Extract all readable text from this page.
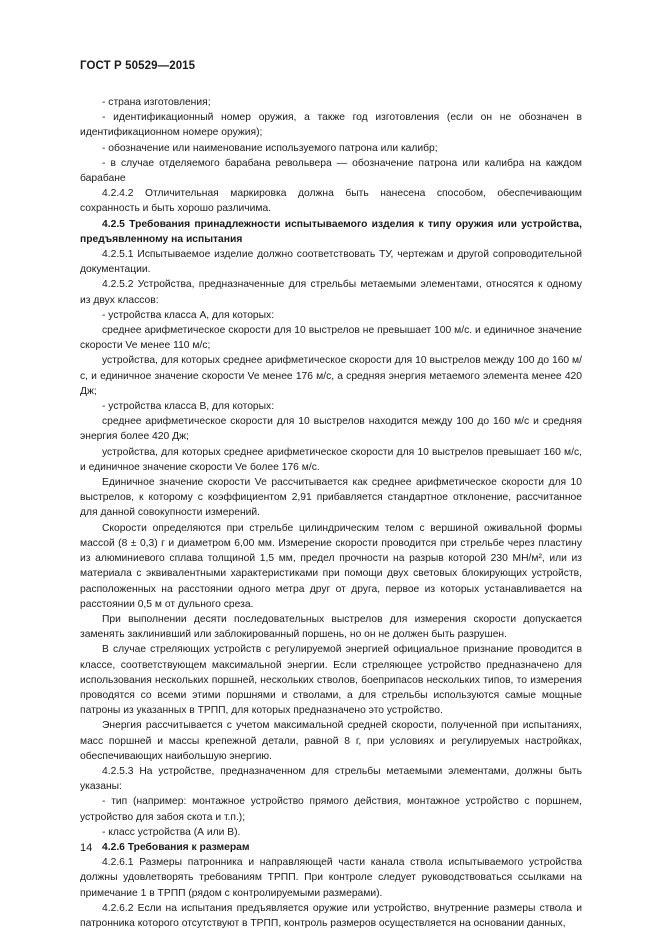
ГОСТ Р 50529—2015

- страна изготовления;

- идентификационный номер оружия, а также год изготовления (если он не обозначен в идентификационном номере оружия);

- обозначение или наименование используемого патрона или калибр;

- в случае отделяемого барабана револьвера — обозначение патрона или калибра на каждом барабане

4.2.4.2 Отличительная маркировка должна быть нанесена способом, обеспечивающим сохранность и быть хорошо различима.

4.2.5 Требования принадлежности испытываемого изделия к типу оружия или устройства, предъявленному на испытания

4.2.5.1 Испытываемое изделие должно соответствовать ТУ, чертежам и другой сопроводительной документации.

4.2.5.2 Устройства, предназначенные для стрельбы метаемыми элементами, относятся к одному из двух классов:

- устройства класса А, для которых:

среднее арифметическое скорости для 10 выстрелов не превышает 100 м/с. и единичное значение скорости Ve менее 110 м/с;

устройства, для которых среднее арифметическое скорости для 10 выстрелов между 100 до 160 м/с, и единичное значение скорости Ve менее 176 м/с, а средняя энергия метаемого элемента менее 420 Дж;

- устройства класса В, для которых:

среднее арифметическое скорости для 10 выстрелов находится между 100 до 160 м/с и средняя энергия более 420 Дж;

устройства, для которых среднее арифметическое скорости для 10 выстрелов превышает 160 м/с, и единичное значение скорости Ve более 176 м/с.

Единичное значение скорости Ve рассчитывается как среднее арифметическое скорости для 10 выстрелов, к которому с коэффициентом 2,91 прибавляется стандартное отклонение, рассчитанное для данной совокупности измерений.

Скорости определяются при стрельбе цилиндрическим телом с вершиной оживальной формы массой (8 ± 0,3) г и диаметром 6,00 мм. Измерение скорости проводится при стрельбе через пластину из алюминиевого сплава толщиной 1,5 мм, предел прочности на разрыв которой 230 МН/м², или из материала с эквивалентными характеристиками при помощи двух световых блокирующих устройств, расположенных на расстоянии одного метра друг от друга, первое из которых устанавливается на расстоянии 0,5 м от дульного среза.

При выполнении десяти последовательных выстрелов для измерения скорости допускается заменять заклинивший или заблокированный поршень, но он не должен быть разрушен.

В случае стреляющих устройств с регулируемой энергией официальное признание проводится в классе, соответствующем максимальной энергии. Если стреляющее устройство предназначено для использования нескольких поршней, нескольких стволов, боеприпасов нескольких типов, то измерения проводятся со всеми этими поршнями и стволами, а для стрельбы используются самые мощные патроны из указанных в ТРПП, для которых предназначено это устройство.

Энергия рассчитывается с учетом максимальной средней скорости, полученной при испытаниях, масс поршней и массы крепежной детали, равной 8 г, при условиях и регулируемых настройках, обеспечивающих наибольшую энергию.

4.2.5.3 На устройстве, предназначенном для стрельбы метаемыми элементами, должны быть указаны:

- тип (например: монтажное устройство прямого действия, монтажное устройство с поршнем, устройство для забоя скота и т.п.);

- класс устройства (А или В).

4.2.6 Требования к размерам

4.2.6.1 Размеры патронника и направляющей части канала ствола испытываемого устройства должны удовлетворять требованиям ТРПП. При контроле следует руководствоваться ссылками на примечание 1 в ТРПП (рядом с контролируемыми размерами).

4.2.6.2 Если на испытания предъявляется оружие или устройство, внутренние размеры ствола и патронника которого отсутствуют в ТРПП, контроль размеров осуществляется на основании данных,

14
